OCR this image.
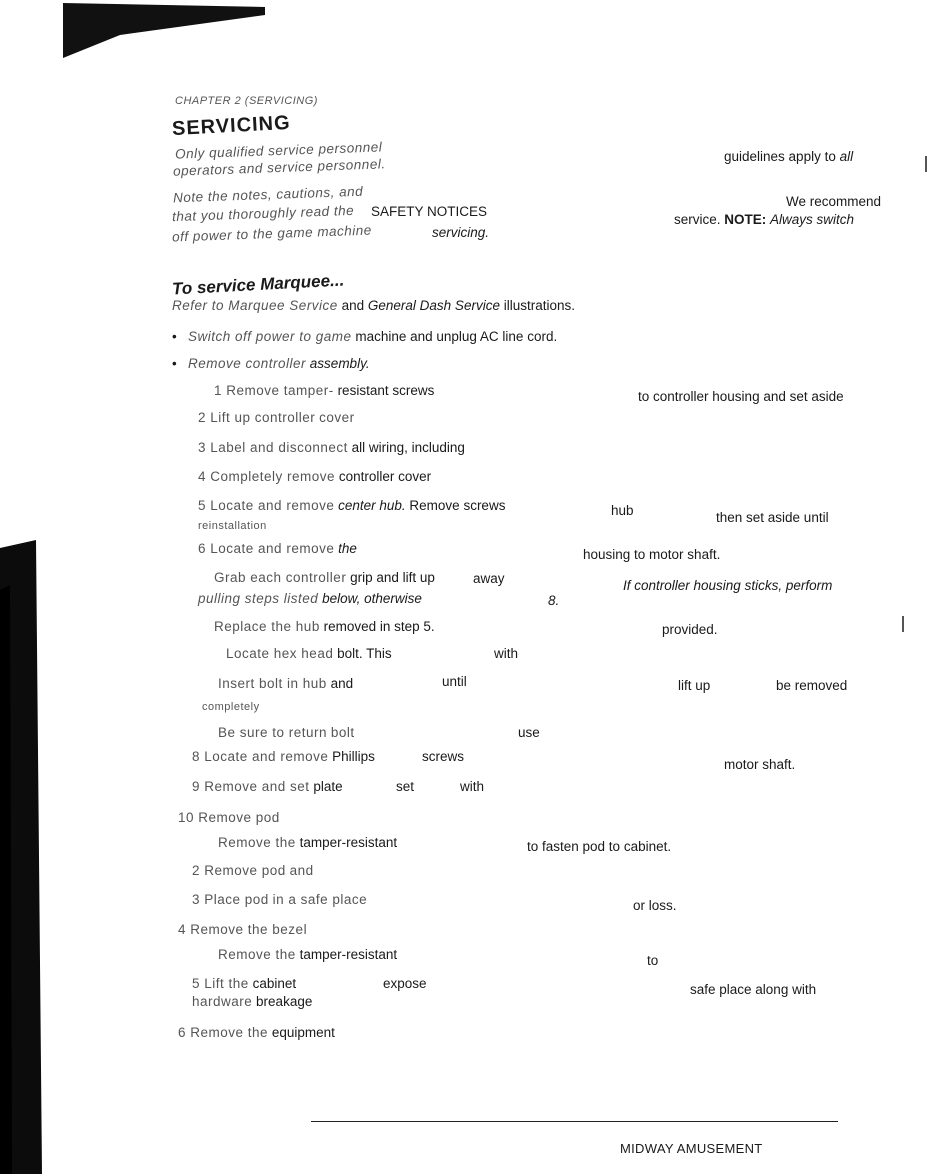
CHAPTER 2 (SERVICING)
SERVICING
Only qualified service personnel	guidelines apply to all
operators and service personnel.
Note the notes, cautions, and	We recommend
that you thoroughly read the SAFETY NOTICES
service. NOTE: Always switch
off power to the game machine	servicing.
To service Marquee...
Refer to Marquee Service and General Dash Service illustrations.
•   Switch off power to game machine and unplug AC line cord.
•   Remove controller assembly.
1 Remove tamper- resistant screws	to controller housing and set aside
2 Lift up controller cover
3 Label and disconnect all wiring, including
4 Completely remove controller cover
5 Locate and remove center hub. Remove screws	hub	then set aside until
reinstallation
6 Locate and remove the	housing to motor shaft.
Grab each controller grip and lift up	away	If controller housing sticks, perform
pulling steps listed below, otherwise	8.
Replace the hub removed in step 5.	provided.
Locate hex head bolt. This	with
Insert bolt in hub and	until	lift up	be removed
completely
Be sure to return bolt	use
8 Locate and remove Phillips	screws
motor shaft.
9 Remove and set plate	set	with
10 Remove pod
Remove the tamper-resistant	to fasten pod to cabinet.
2 Remove pod and
3 Place pod in a safe place	or loss.
4 Remove the bezel
Remove the tamper-resistant	to
5 Lift the cabinet	expose	safe place along with
hardware breakage
6 Remove the equipment
MIDWAY AMUSEMENT
